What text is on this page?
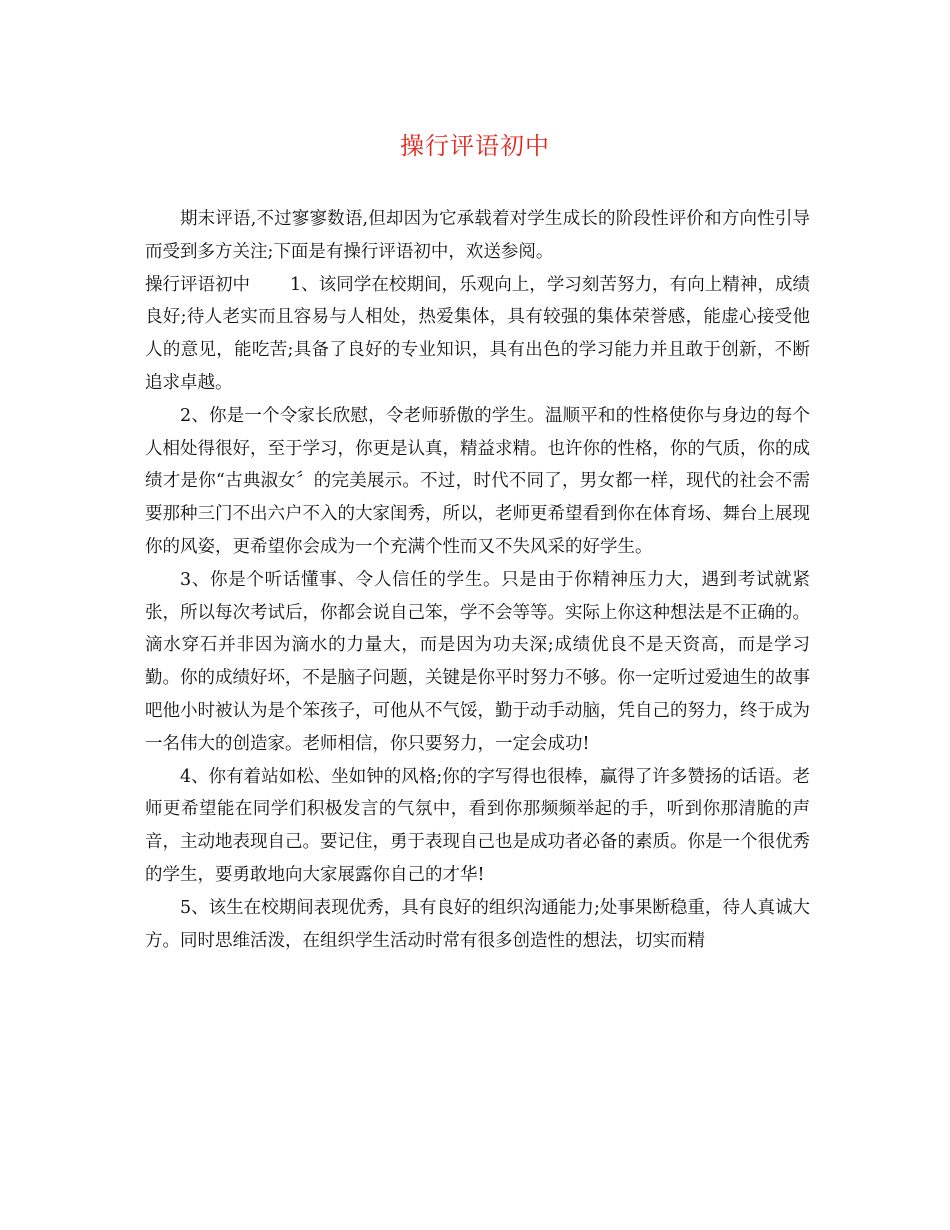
操行评语初中

期末评语,不过寥寥数语,但却因为它承载着对学生成长的阶段性评价和方向性引导而受到多方关注;下面是有操行评语初中，欢送参阅。

操行评语初中 1、该同学在校期间，乐观向上，学习刻苦努力，有向上精神，成绩良好;待人老实而且容易与人相处，热爱集体，具有较强的集体荣誉感，能虚心接受他人的意见，能吃苦;具备了良好的专业知识，具有出色的学习能力并且敢于创新，不断追求卓越。

2、你是一个令家长欣慰，令老师骄傲的学生。温顺平和的性格使你与身边的每个人相处得很好，至于学习，你更是认真，精益求精。也许你的性格，你的气质，你的成绩才是你“古典淑女〞的完美展示。不过，时代不同了，男女都一样，现代的社会不需要那种三门不出六户不入的大家闺秀，所以，老师更希望看到你在体育场、舞台上展现你的风姿，更希望你会成为一个充满个性而又不失风采的好学生。

3、你是个听话懂事、令人信任的学生。只是由于你精神压力大，遇到考试就紧张，所以每次考试后，你都会说自己笨，学不会等等。实际上你这种想法是不正确的。滴水穿石并非因为滴水的力量大，而是因为功夫深;成绩优良不是天资高，而是学习勤。你的成绩好坏，不是脑子问题，关键是你平时努力不够。你一定听过爱迪生的故事吧他小时被认为是个笨孩子，可他从不气馁，勤于动手动脑，凭自己的努力，终于成为一名伟大的创造家。老师相信，你只要努力，一定会成功!

4、你有着站如松、坐如钟的风格;你的字写得也很棒，赢得了许多赞扬的话语。老师更希望能在同学们积极发言的气氛中，看到你那频频举起的手，听到你那清脆的声音，主动地表现自己。要记住，勇于表现自己也是成功者必备的素质。你是一个很优秀的学生，要勇敢地向大家展露你自己的才华!

5、该生在校期间表现优秀，具有良好的组织沟通能力;处事果断稳重，待人真诚大方。同时思维活泼，在组织学生活动时常有很多创造性的想法，切实而精
